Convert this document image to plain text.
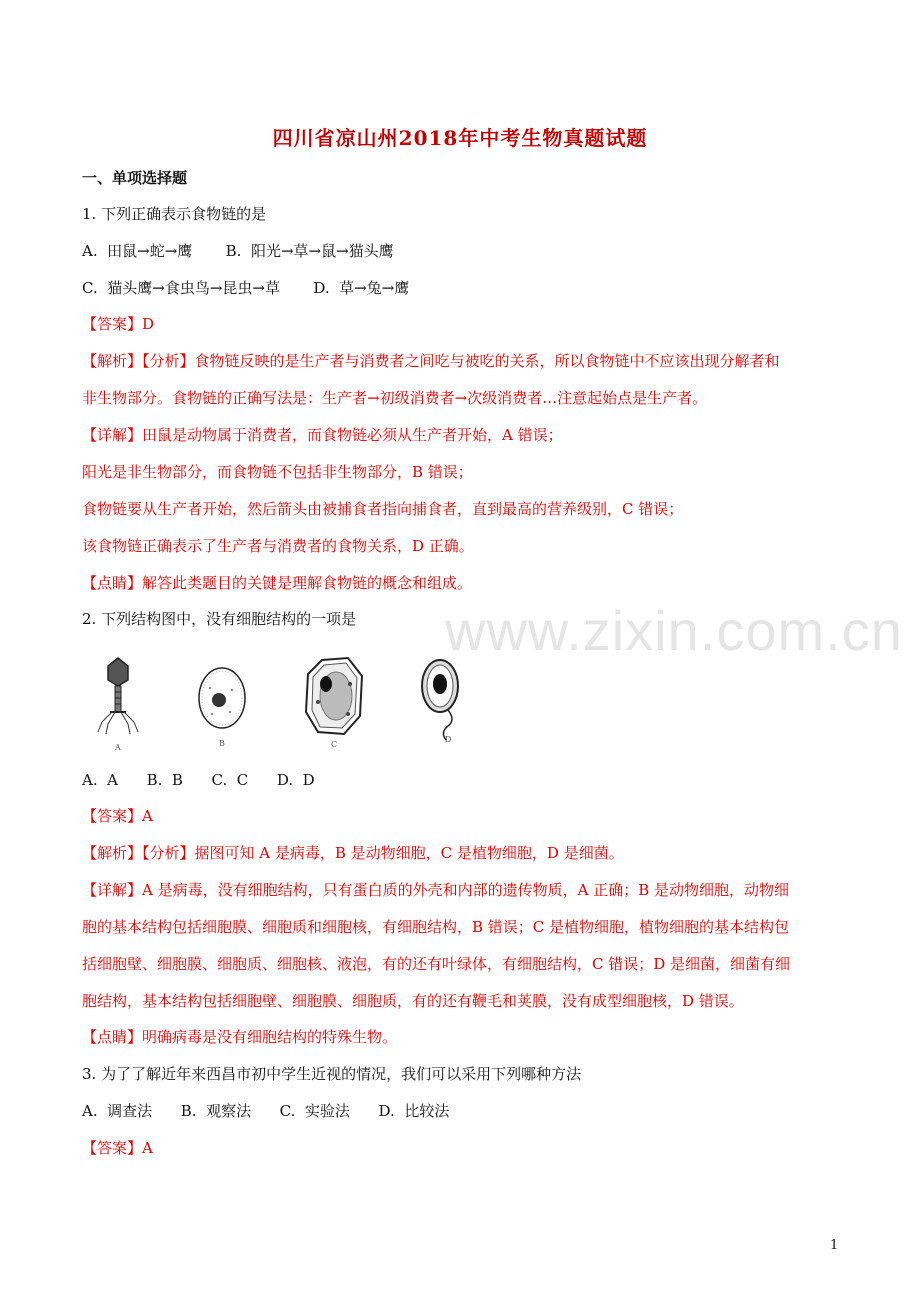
四川省凉山州2018年中考生物真题试题
一、单项选择题
1. 下列正确表示食物链的是
A.  田鼠→蛇→鹰       B.  阳光→草→鼠→猫头鹰
C.  猫头鹰→食虫鸟→昆虫→草       D.  草→兔→鹰
【答案】D
【解析】【分析】食物链反映的是生产者与消费者之间吃与被吃的关系，所以食物链中不应该出现分解者和
非生物部分。食物链的正确写法是：生产者→初级消费者→次级消费者…注意起始点是生产者。
【详解】田鼠是动物属于消费者，而食物链必须从生产者开始，A 错误；
阳光是非生物部分，而食物链不包括非生物部分，B 错误；
食物链要从生产者开始，然后箭头由被捕食者指向捕食者，直到最高的营养级别，C 错误；
该食物链正确表示了生产者与消费者的食物关系，D 正确。
【点睛】解答此类题目的关键是理解食物链的概念和组成。
2. 下列结构图中，没有细胞结构的一项是 www.zixin.com.cn
A	B	C
D
A.  A      B.  B      C.  C      D.  D
【答案】A
【解析】【分析】据图可知 A 是病毒，B 是动物细胞，C 是植物细胞，D 是细菌。
【详解】A 是病毒，没有细胞结构，只有蛋白质的外壳和内部的遗传物质，A 正确；B 是动物细胞，动物细
胞的基本结构包括细胞膜、细胞质和细胞核，有细胞结构，B 错误；C 是植物细胞，植物细胞的基本结构包
括细胞壁、细胞膜、细胞质、细胞核、液泡，有的还有叶绿体，有细胞结构，C 错误；D 是细菌，细菌有细
胞结构，基本结构包括细胞壁、细胞膜、细胞质，有的还有鞭毛和荚膜，没有成型细胞核，D 错误。
【点睛】明确病毒是没有细胞结构的特殊生物。
3. 为了了解近年来西昌市初中学生近视的情况，我们可以采用下列哪种方法
A.  调查法      B.  观察法      C.  实验法      D.  比较法
【答案】A
1
